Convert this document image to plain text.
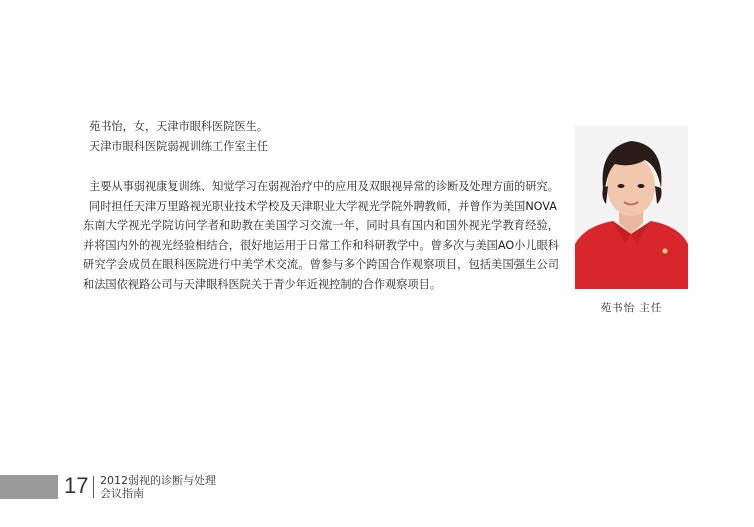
苑书怡，女，天津市眼科医院医生。

天津市眼科医院弱视训练工作室主任

主要从事弱视康复训练、知觉学习在弱视治疗中的应用及双眼视异常的诊断及处理方面的研究。

同时担任天津万里路视光职业技术学校及天津职业大学视光学院外聘教师，并曾作为美国NOVA

东南大学视光学院访问学者和助教在美国学习交流一年，同时具有国内和国外视光学教育经验，并将国内外的视光经验相结合，很好地运用于日常工作和科研教学中。曾多次与美国AO小儿眼科研究学会成员在眼科医院进行中美学术交流。曾参与多个跨国合作观察项目，包括美国强生公司和法国依视路公司与天津眼科医院关于青少年近视控制的合作观察项目。

苑书怡 主任
17 2012弱视的诊断与处理
会议指南
